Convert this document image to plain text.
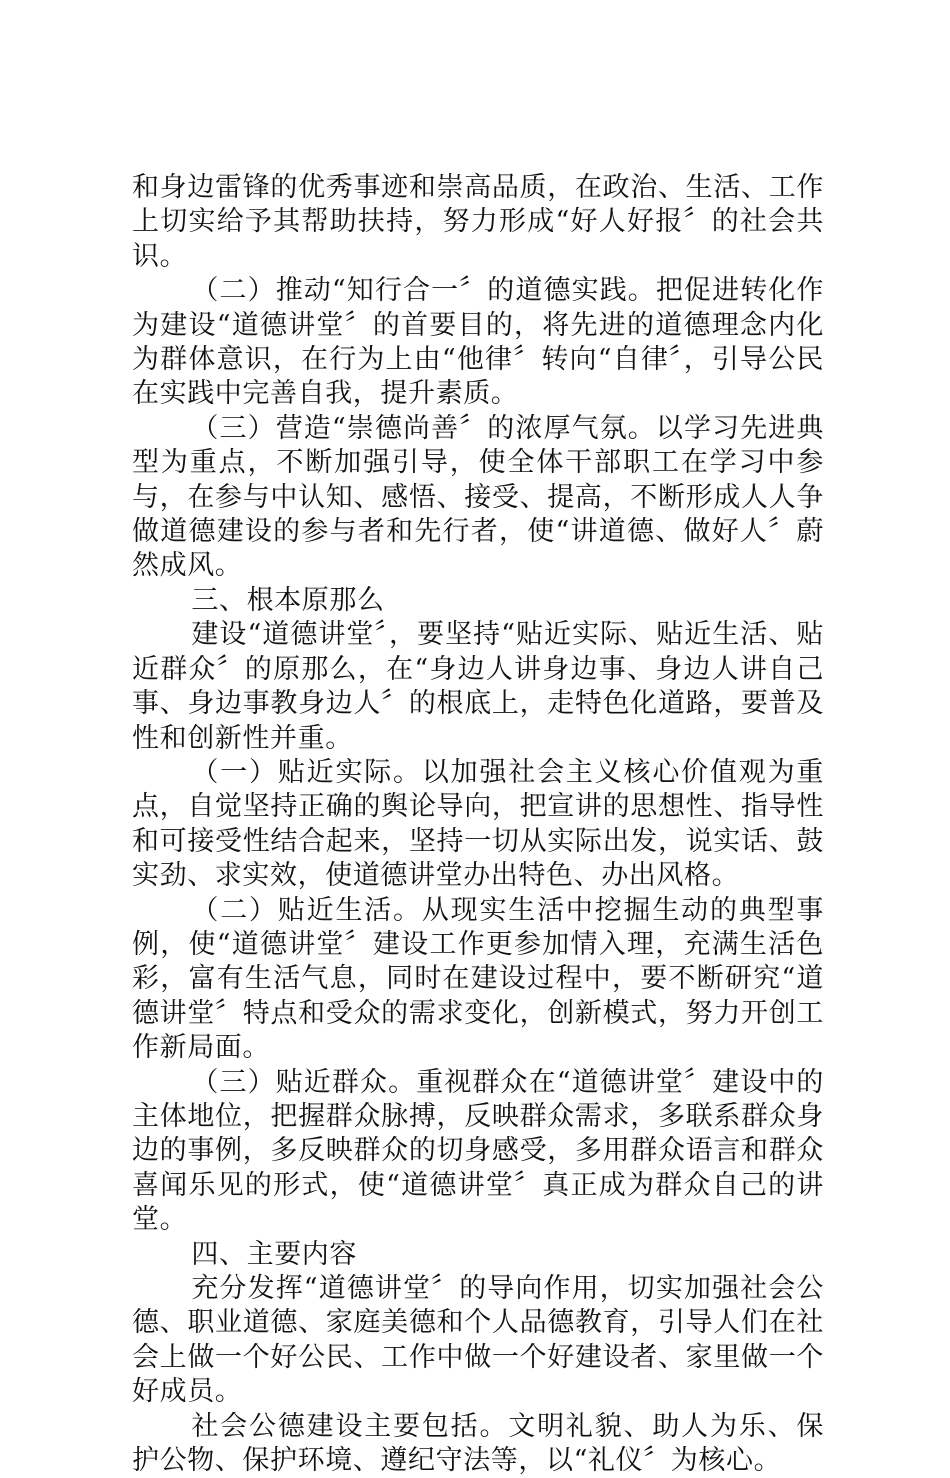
和身边雷锋的优秀事迹和崇高品质，在政治、生活、工作上切实给予其帮助扶持，努力形成“好人好报〞的社会共识。

（二）推动“知行合一〞的道德实践。把促进转化作为建设“道德讲堂〞的首要目的，将先进的道德理念内化为群体意识，在行为上由“他律〞转向“自律〞，引导公民在实践中完善自我，提升素质。

（三）营造“崇德尚善〞的浓厚气氛。以学习先进典型为重点，不断加强引导，使全体干部职工在学习中参与，在参与中认知、感悟、接受、提高，不断形成人人争做道德建设的参与者和先行者，使“讲道德、做好人〞蔚然成风。

三、根本原那么

建设“道德讲堂〞，要坚持“贴近实际、贴近生活、贴近群众〞的原那么，在“身边人讲身边事、身边人讲自己事、身边事教身边人〞的根底上，走特色化道路，要普及性和创新性并重。

（一）贴近实际。以加强社会主义核心价值观为重点，自觉坚持正确的舆论导向，把宣讲的思想性、指导性和可接受性结合起来，坚持一切从实际出发，说实话、鼓实劲、求实效，使道德讲堂办出特色、办出风格。

（二）贴近生活。从现实生活中挖掘生动的典型事例，使“道德讲堂〞建设工作更参加情入理，充满生活色彩，富有生活气息，同时在建设过程中，要不断研究“道德讲堂〞特点和受众的需求变化，创新模式，努力开创工作新局面。

（三）贴近群众。重视群众在“道德讲堂〞建设中的主体地位，把握群众脉搏，反映群众需求，多联系群众身边的事例，多反映群众的切身感受，多用群众语言和群众喜闻乐见的形式，使“道德讲堂〞真正成为群众自己的讲堂。

四、主要内容

充分发挥“道德讲堂〞的导向作用，切实加强社会公德、职业道德、家庭美德和个人品德教育，引导人们在社会上做一个好公民、工作中做一个好建设者、家里做一个好成员。

社会公德建设主要包括。文明礼貌、助人为乐、保护公物、保护环境、遵纪守法等，以“礼仪〞为核心。
